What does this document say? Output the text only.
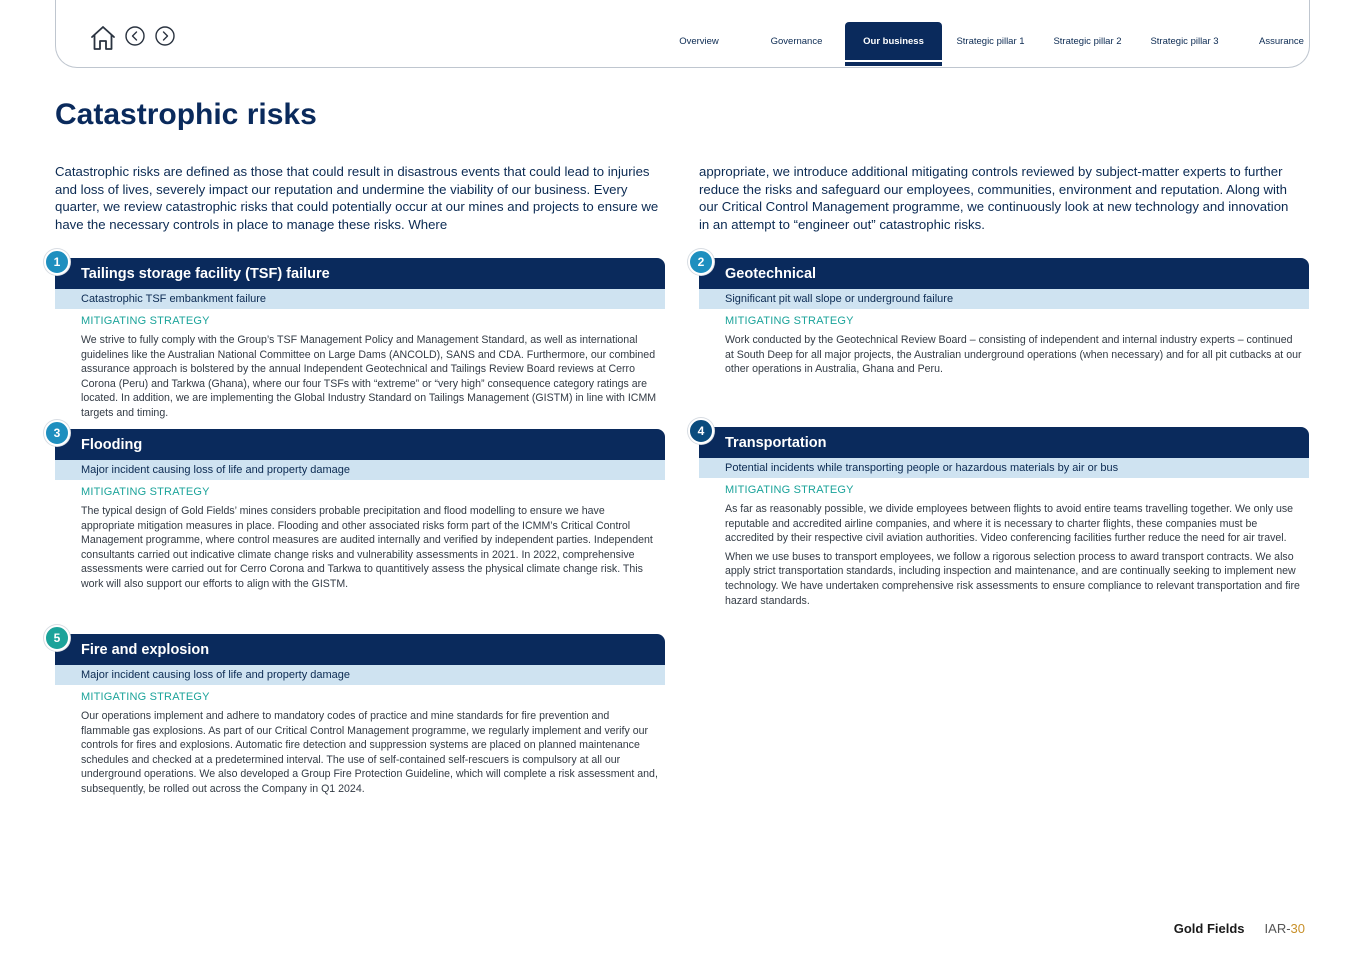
Overview	Governance	Our business	Strategic pillar 1	Strategic pillar 2	Strategic pillar 3	Assurance
Catastrophic risks

Catastrophic risks are defined as those that could result in disastrous events that could lead to injuries and loss of lives, severely impact our reputation and undermine the viability of our business. Every quarter, we review catastrophic risks that could potentially occur at our mines and projects to ensure we have the necessary controls in place to manage these risks. Where

appropriate, we introduce additional mitigating controls reviewed by subject-matter experts to further reduce the risks and safeguard our employees, communities, environment and reputation. Along with our Critical Control Management programme, we continuously look at new technology and innovation in an attempt to “engineer out” catastrophic risks.

1
Tailings storage facility (TSF) failure
Catastrophic TSF embankment failure
MITIGATING STRATEGY

We strive to fully comply with the Group’s TSF Management Policy and Management Standard, as well as international guidelines like the Australian National Committee on Large Dams (ANCOLD), SANS and CDA. Furthermore, our combined assurance approach is bolstered by the annual Independent Geotechnical and Tailings Review Board reviews at Cerro Corona (Peru) and Tarkwa (Ghana), where our four TSFs with “extreme” or “very high” consequence category ratings are located. In addition, we are implementing the Global Industry Standard on Tailings Management (GISTM) in line with ICMM targets and timing.

2
Geotechnical
Significant pit wall slope or underground failure
MITIGATING STRATEGY

Work conducted by the Geotechnical Review Board – consisting of independent and internal industry experts – continued at South Deep for all major projects, the Australian underground operations (when necessary) and for all pit cutbacks at our other operations in Australia, Ghana and Peru.

3
Flooding
Major incident causing loss of life and property damage
MITIGATING STRATEGY

The typical design of Gold Fields’ mines considers probable precipitation and flood modelling to ensure we have appropriate mitigation measures in place. Flooding and other associated risks form part of the ICMM’s Critical Control Management programme, where control measures are audited internally and verified by independent parties. Independent consultants carried out indicative climate change risks and vulnerability assessments in 2021. In 2022, comprehensive assessments were carried out for Cerro Corona and Tarkwa to quantitively assess the physical climate change risk. This work will also support our efforts to align with the GISTM.

4
Transportation
Potential incidents while transporting people or hazardous materials by air or bus
MITIGATING STRATEGY

As far as reasonably possible, we divide employees between flights to avoid entire teams travelling together. We only use reputable and accredited airline companies, and where it is necessary to charter flights, these companies must be accredited by their respective civil aviation authorities. Video conferencing facilities further reduce the need for air travel.

When we use buses to transport employees, we follow a rigorous selection process to award transport contracts. We also apply strict transportation standards, including inspection and maintenance, and are continually seeking to implement new technology. We have undertaken comprehensive risk assessments to ensure compliance to relevant transportation and fire hazard standards.

5
Fire and explosion
Major incident causing loss of life and property damage
MITIGATING STRATEGY

Our operations implement and adhere to mandatory codes of practice and mine standards for fire prevention and flammable gas explosions. As part of our Critical Control Management programme, we regularly implement and verify our controls for fires and explosions. Automatic fire detection and suppression systems are placed on planned maintenance schedules and checked at a predetermined interval. The use of self-contained self-rescuers is compulsory at all our underground operations. We also developed a Group Fire Protection Guideline, which will complete a risk assessment and, subsequently, be rolled out across the Company in Q1 2024.

Gold Fields IAR-30
